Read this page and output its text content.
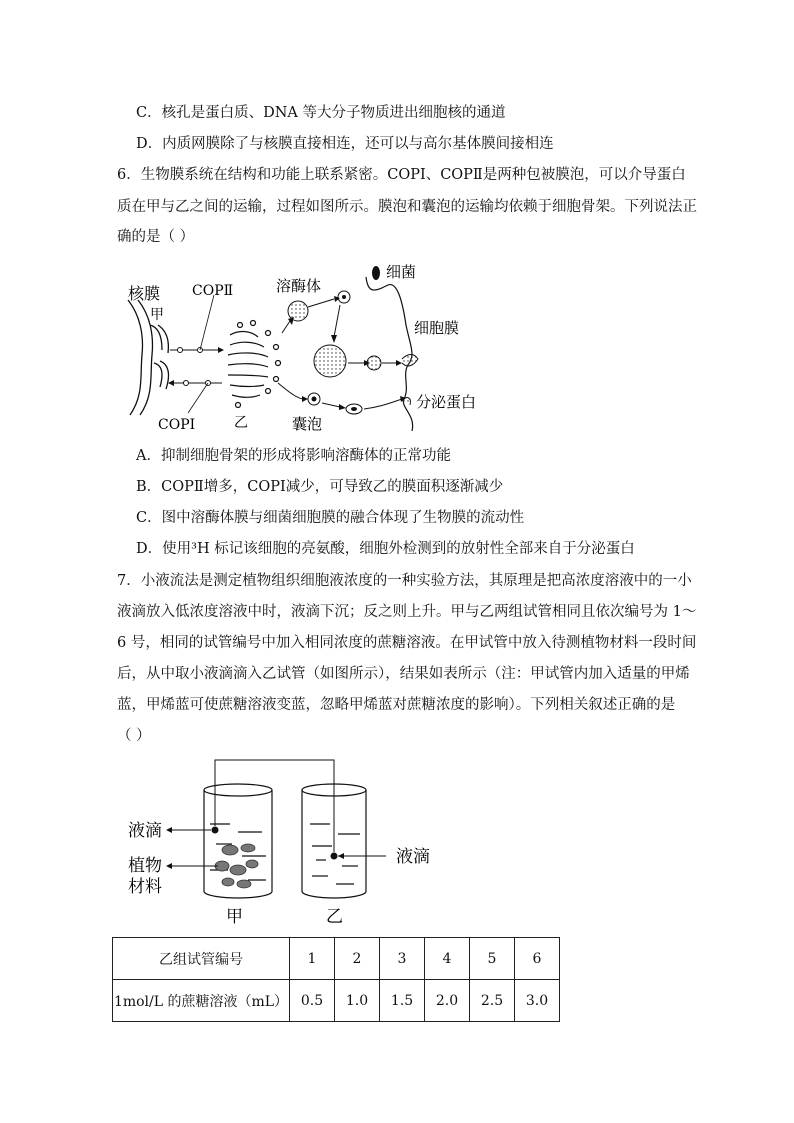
C．核孔是蛋白质、DNA 等大分子物质进出细胞核的通道
D．内质网膜除了与核膜直接相连，还可以与高尔基体膜间接相连
6．生物膜系统在结构和功能上联系紧密。COPⅠ、COPⅡ是两种包被膜泡，可以介导蛋白
质在甲与乙之间的运输，过程如图所示。膜泡和囊泡的运输均依赖于细胞骨架。下列说法正
确的是（ ）
核膜
甲
COPⅡ
COPⅠ	乙
溶酶体
细菌
细胞膜
囊泡
分泌蛋白
A．抑制细胞骨架的形成将影响溶酶体的正常功能
B．COPⅡ增多，COPⅠ减少，可导致乙的膜面积逐渐减少
C．图中溶酶体膜与细菌细胞膜的融合体现了生物膜的流动性
D．使用³H 标记该细胞的亮氨酸，细胞外检测到的放射性全部来自于分泌蛋白
7．小液流法是测定植物组织细胞液浓度的一种实验方法，其原理是把高浓度溶液中的一小
液滴放入低浓度溶液中时，液滴下沉；反之则上升。甲与乙两组试管相同且依次编号为 1～
6 号，相同的试管编号中加入相同浓度的蔗糖溶液。在甲试管中放入待测植物材料一段时间
后，从中取小液滴滴入乙试管（如图所示），结果如表所示（注：甲试管内加入适量的甲烯
蓝，甲烯蓝可使蔗糖溶液变蓝，忽略甲烯蓝对蔗糖浓度的影响）。下列相关叙述正确的是
（ ）
液滴
植物
材料
甲	乙
液滴
乙组试管编号	1	2	3	4	5	6
1mol/L 的蔗糖溶液（mL）	0.5	1.0	1.5	2.0	2.5	3.0
